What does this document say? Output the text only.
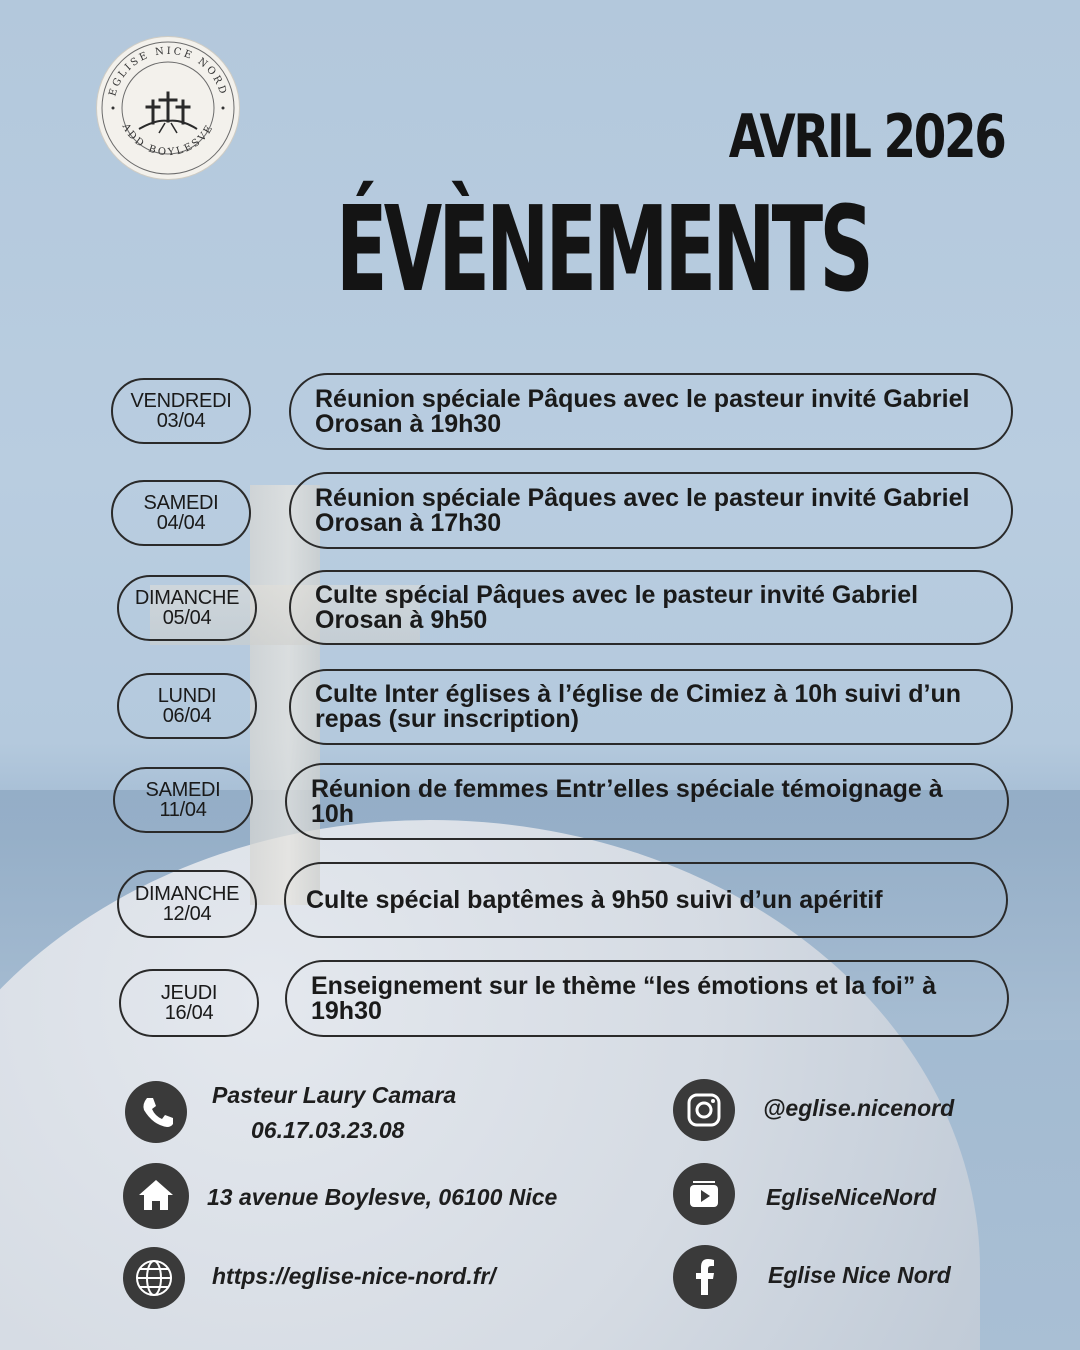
EGLISE NICE NORD
ADD BOYLESVE	AVRIL 2026
ÉVÈNEMENTS
VENDREDI
03/04
Réunion spéciale Pâques avec le pasteur invité Gabriel Orosan à 19h30
SAMEDI
04/04
Réunion spéciale Pâques avec le pasteur invité Gabriel Orosan à 17h30
DIMANCHE
05/04
Culte spécial Pâques avec le pasteur invité Gabriel Orosan à 9h50
LUNDI
06/04
Culte Inter églises à l’église de Cimiez à 10h suivi d’un repas (sur inscription)
SAMEDI
11/04
Réunion de femmes Entr’elles spéciale témoignage à 10h
DIMANCHE
12/04
Culte spécial baptêmes à 9h50 suivi d’un apéritif
JEUDI
16/04
Enseignement sur le thème “les émotions et la foi” à 19h30
Pasteur Laury Camara
06.17.03.23.08
13 avenue Boylesve, 06100 Nice
https://eglise-nice-nord.fr/
@eglise.nicenord
EgliseNiceNord
Eglise Nice Nord
